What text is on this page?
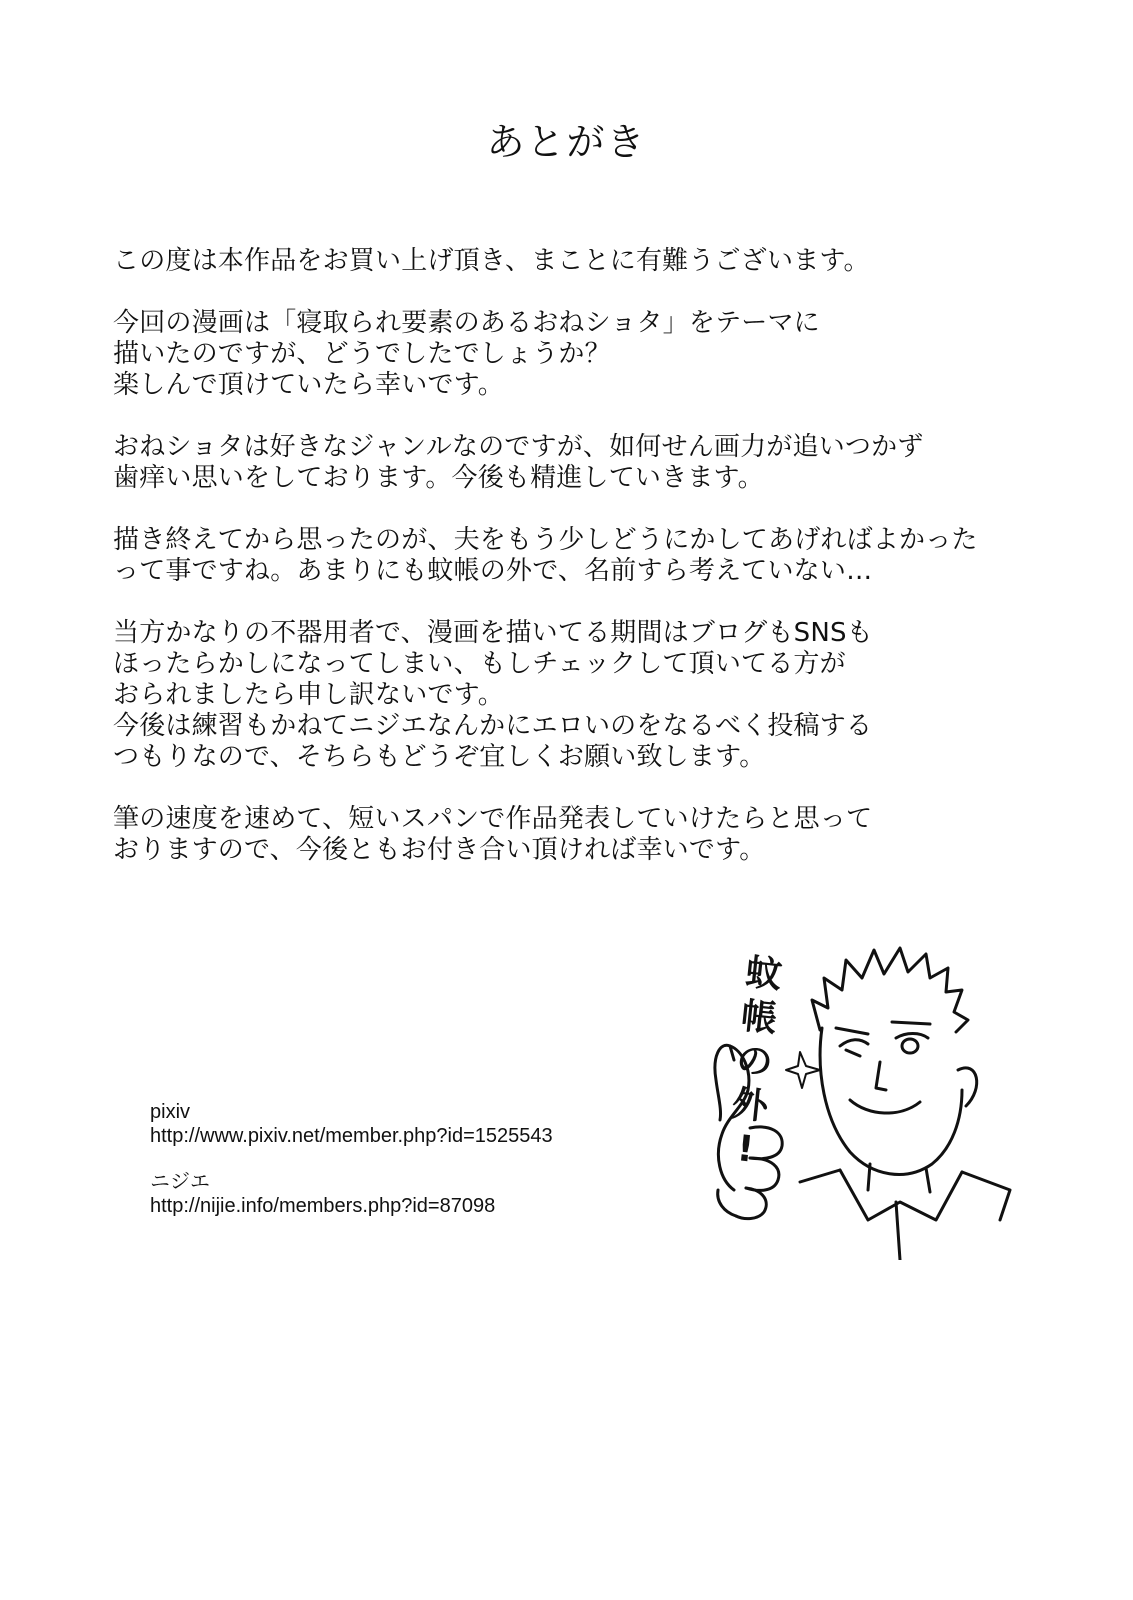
あとがき

この度は本作品をお買い上げ頂き、まことに有難うございます。

今回の漫画は「寝取られ要素のあるおねショタ」をテーマに
描いたのですが、どうでしたでしょうか？
楽しんで頂けていたら幸いです。

おねショタは好きなジャンルなのですが、如何せん画力が追いつかず
歯痒い思いをしております。今後も精進していきます。

描き終えてから思ったのが、夫をもう少しどうにかしてあげればよかった
って事ですね。あまりにも蚊帳の外で、名前すら考えていない…

当方かなりの不器用者で、漫画を描いてる期間はブログもSNSも
ほったらかしになってしまい、もしチェックして頂いてる方が
おられましたら申し訳ないです。
今後は練習もかねてニジエなんかにエロいのをなるべく投稿する
つもりなので、そちらもどうぞ宜しくお願い致します。

筆の速度を速めて、短いスパンで作品発表していけたらと思って
おりますので、今後ともお付き合い頂ければ幸いです。

pixiv
http://www.pixiv.net/member.php?id=1525543
ニジエ
http://nijie.info/members.php?id=87098
蚊
帳
の
外
!
